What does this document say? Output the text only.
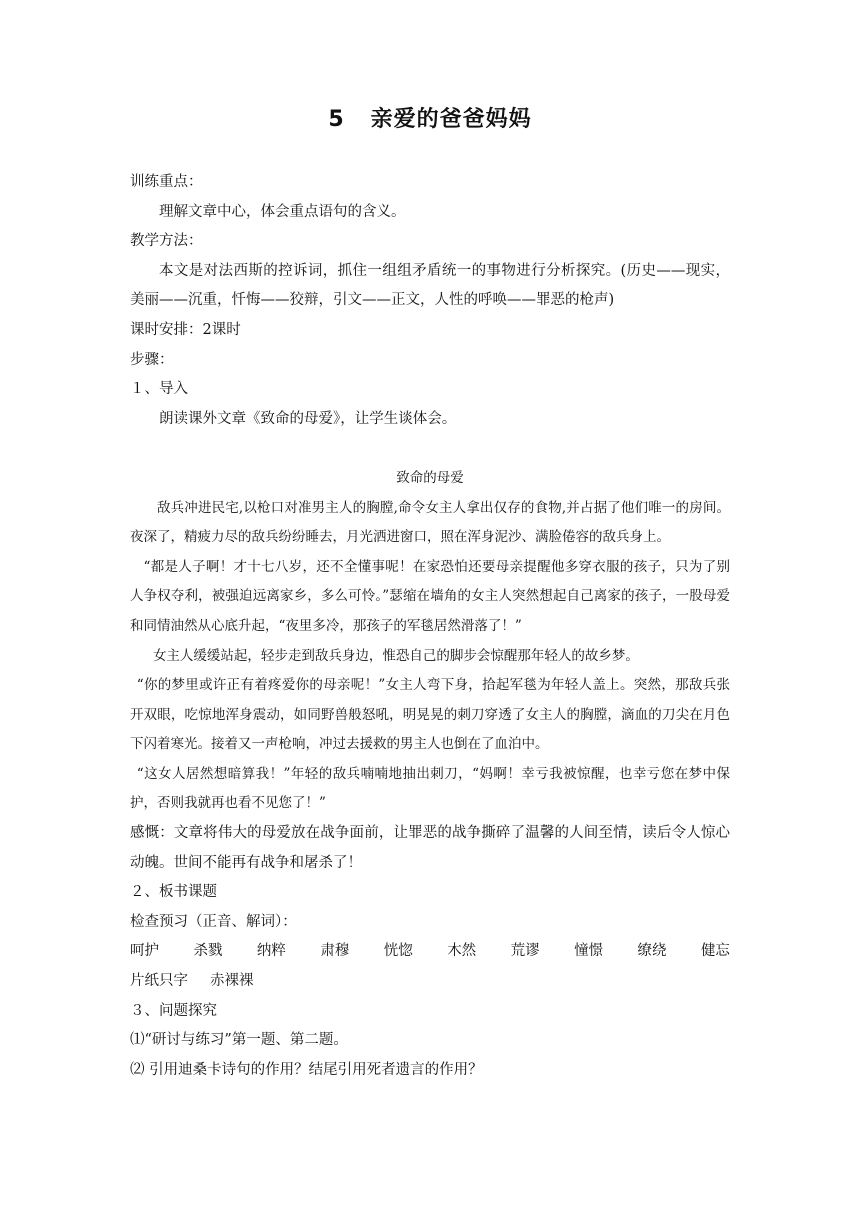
5 亲爱的爸爸妈妈

训练重点：

理解文章中心，体会重点语句的含义。

教学方法：

本文是对法西斯的控诉词，抓住一组组矛盾统一的事物进行分析探究。(历史——现实，美丽——沉重，忏悔——狡辩，引文——正文，人性的呼唤——罪恶的枪声)

课时安排：2课时

步骤：

１、导入

朗读课外文章《致命的母爱》，让学生谈体会。

致命的母爱

敌兵冲进民宅,以枪口对准男主人的胸膛,命令女主人拿出仅存的食物,并占据了他们唯一的房间。 夜深了，精疲力尽的敌兵纷纷睡去，月光洒进窗口，照在浑身泥沙、满脸倦容的敌兵身上。

“都是人子啊！才十七八岁，还不全懂事呢！在家恐怕还要母亲提醒他多穿衣服的孩子，只为了别人争权夺利，被强迫远离家乡，多么可怜。”瑟缩在墙角的女主人突然想起自己离家的孩子，一股母爱和同情油然从心底升起，“夜里多冷，那孩子的军毯居然滑落了！”

女主人缓缓站起，轻步走到敌兵身边，惟恐自己的脚步会惊醒那年轻人的故乡梦。

“你的梦里或许正有着疼爱你的母亲呢！”女主人弯下身，拾起军毯为年轻人盖上。突然，那敌兵张开双眼，吃惊地浑身震动，如同野兽般怒吼，明晃晃的刺刀穿透了女主人的胸膛，滴血的刀尖在月色下闪着寒光。接着又一声枪响，冲过去援救的男主人也倒在了血泊中。

“这女人居然想暗算我！”年轻的敌兵喃喃地抽出刺刀，“妈啊！幸亏我被惊醒，也幸亏您在梦中保护，否则我就再也看不见您了！”

感慨：文章将伟大的母爱放在战争面前，让罪恶的战争撕碎了温馨的人间至情，读后令人惊心动魄。世间不能再有战争和屠杀了！

２、板书课题

检查预习（正音、解词）：

呵护 杀戮 纳粹 肃穆 恍惚 木然 荒谬 憧憬 缭绕 健忘
片纸只字 赤裸裸

３、问题探究

⑴“研讨与练习”第一题、第二题。

⑵ 引用迪桑卡诗句的作用？结尾引用死者遗言的作用？
